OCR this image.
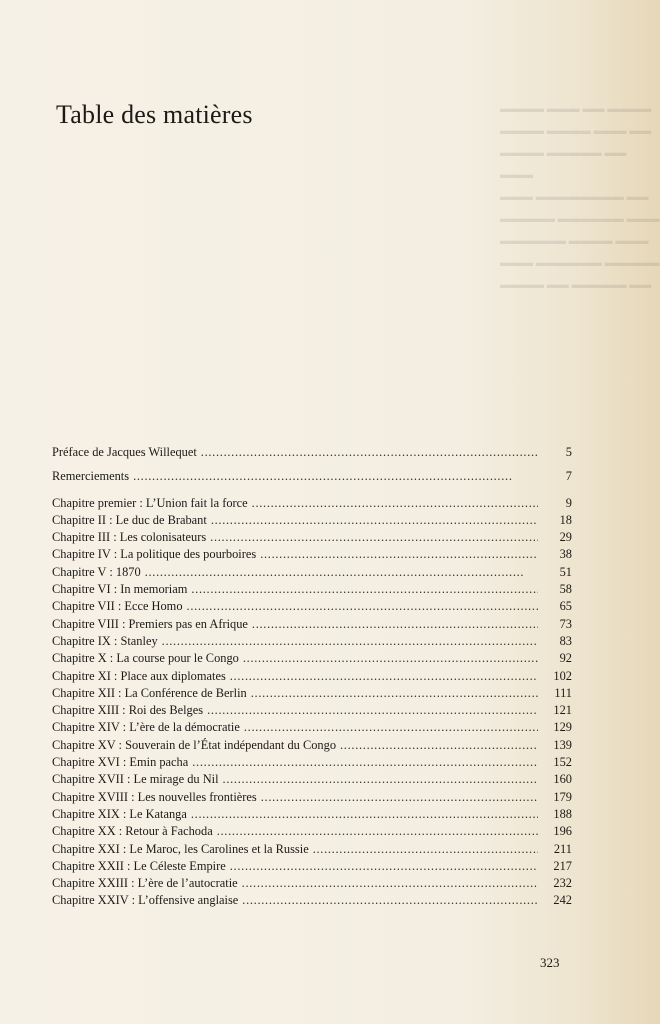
▬▬▬▬ ▬▬▬ ▬▬ ▬▬▬▬
▬▬▬▬ ▬▬▬▬ ▬▬▬ ▬▬
▬▬▬▬ ▬▬▬▬▬ ▬▬ ▬▬▬
▬▬▬ ▬▬▬▬▬▬▬▬ ▬▬
▬▬▬▬▬ ▬▬▬▬▬▬ ▬▬▬
▬▬▬▬▬▬ ▬▬▬▬ ▬▬▬
▬▬▬ ▬▬▬▬▬▬ ▬▬▬▬▬
▬▬▬▬ ▬▬ ▬▬▬▬▬ ▬▬
Table des matières
Préface de Jacques Willequet . . .	5
Remerciements . . .	7
Chapitre premier : L’Union fait la force . . .	9
Chapitre II : Le duc de Brabant . . .	18
Chapitre III : Les colonisateurs . . .	29
Chapitre IV : La politique des pourboires . . .	38
Chapitre V : 1870 . . .	51
Chapitre VI : In memoriam . . .	58
Chapitre VII : Ecce Homo . . .	65
Chapitre VIII : Premiers pas en Afrique . . .	73
Chapitre IX : Stanley . . .	83
Chapitre X : La course pour le Congo . . .	92
Chapitre XI : Place aux diplomates . . .	102
Chapitre XII : La Conférence de Berlin . . .	111
Chapitre XIII : Roi des Belges . . .	121
Chapitre XIV : L’ère de la démocratie . . .	129
Chapitre XV : Souverain de l’État indépendant du Congo . . .	139
Chapitre XVI : Emin pacha . . .	152
Chapitre XVII : Le mirage du Nil . . .	160
Chapitre XVIII : Les nouvelles frontières . . .	179
Chapitre XIX : Le Katanga . . .	188
Chapitre XX : Retour à Fachoda . . .	196
Chapitre XXI : Le Maroc, les Carolines et la Russie . . .	211
Chapitre XXII : Le Céleste Empire . . .	217
Chapitre XXIII : L’ère de l’autocratie . . .	232
Chapitre XXIV : L’offensive anglaise . . .	242
323
